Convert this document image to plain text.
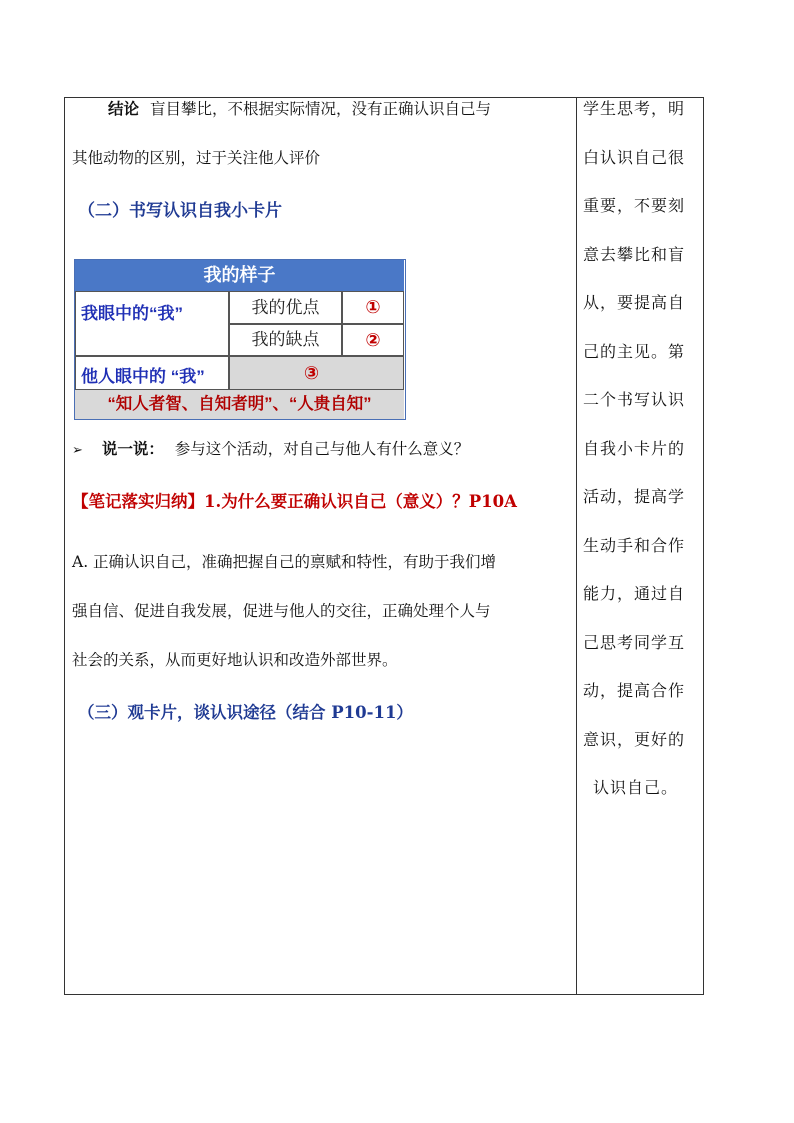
结论 盲目攀比，不根据实际情况，没有正确认识自己与
其他动物的区别，过于关注他人评价
（二）书写认识自我小卡片
➢ 说一说： 参与这个活动，对自己与他人有什么意义？
【笔记落实归纳】1.为什么要正确认识自己（意义）？P10A
A. 正确认识自己，准确把握自己的禀赋和特性，有助于我们增
强自信、促进自我发展，促进与他人的交往，正确处理个人与
社会的关系，从而更好地认识和改造外部世界。
（三）观卡片，谈认识途径（结合 P10-11）
我的样子
我眼中的“我”	我的优点	①
我的缺点	②
他人眼中的 “我”	③
“知人者智、自知者明”、“人贵自知”
学生思考，明
白认识自己很
重要，不要刻
意去攀比和盲
从，要提高自
己的主见。第
二个书写认识
自我小卡片的
活动，提高学
生动手和合作
能力，通过自
己思考同学互
动，提高合作
意识，更好的
认识自己。
